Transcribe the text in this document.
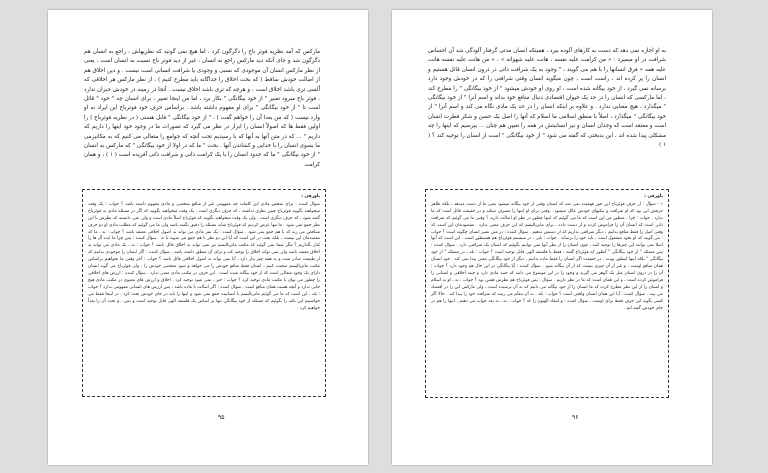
مارکس که آمد نظریه فوئر باخ را دگرگون کرد ، اما هیچ نمی گوئید که نظریهاش ، راجع به انسان هم دگرگون شد و جای آنکه دید مارکس راجع به انسان ، غیر از دید فوئر باخ نسبت به انسان است ، یعنی از نظر مارکس انسان آن موجودی که نسبی و وجودی یا شرافت انسانی است نیست . و دین اخلاق هم از اصالت خودش ساقط ( که بحث اخلاق را جداگانه باید مطرح کنیم ) ، از نظر مارکس هر اخلاقی که اُلسی تری باشد اخلاق است ، و هرچه که تری باشد اخلاق نیست . آنجا در زمینه در خودش جبران ندارد . فوئر باخ مبرود تعبیر " از خود بیگانگی " بکار برد ، اما من اینجا تعبیر ، برای انسان چه " خود " قائل است تا " از خود بیگانگی " برای او مفهوم داشته باشد . براساس حرف خود فوئرباخ این ایراد نه او وارد نیست ( که من بعدا آن را خواهم گفت ) . " از خود بیگانگی " قابل هستی ( در نظریه فوئرباخ ) را اولین فقط ها که اصولاً انسان را ابزار در نظر می گیرد که تصورات ما در وجود خود اینها را داریم که داریم " ... که در متن آنها به آنها که با رسیدیم تحت آنچه که جوامع را متعالی می کنیم که به مکانیزمی ما بسوی انسان را با خدایی و کشاندن آنها . بحث " ما که در اولا از خود بیگانگی " که مارکس به انسان " از خود بیگانگی " ما که حدود انسان را با یک کرامت ذاتی و شرافت ذاتی آفریده است ( ۱ ) ، و همان کرامت
پاورقی :
سؤال کننده : برای شخص مادی این کلمات چه مفهومی غیر از منافع شخصی و مادی مفهوم داشته باشد ؟ جواب : یک وقت میخواهید بگویید فوئرباخ چنین نظری نداشته ، که حرف دیگری است . یک وقت میخواهید بگویید که اگر در مسئله مادی به فوئرباخ گفته شود ، که حرف دیگری است . ولی یک وقت میخواهید بگویید که فوئرباخ اصلاً مادی است و ولی نمی دانسته که نظرش با این نظر جمع نمی شود . ما تنها عرض کردیم که فوئرباخ شاید مسئله را دقیق نگفته باشد ولی ما می گوئیم که مطلب مادی او دو حرف متناقض می زند که با هم جمع نمی شود . سؤال کننده : یک نفر مادی می تواند به اصول اخلاقی معتقد باشد ؟ جواب : نه ، ما که مقصدمان این نیست ، بلکه بحث در این است که آیا این دو نظر با هم جمع می شوند یا نه . سؤال کننده : پس چرا ما ایده آل ها را کنار بگذاریم ؟ مگر شما نمی گوئید که مکتب ماتریالیسم نیز نمی تواند به اخلاق قائل باشد ؟ جواب : نه ، یک مادی می تواند به اخلاق معتقد باشد ولی نمی تواند اخلاق را توجیه کند و برای آن منطق داشته باشد . سؤال کننده : اگر انسان را موجودی بدانیم که از طبیعت صادر شده و به همه چیز نیاز دارد ، آیا نمی تواند به اصول اخلاقی قائل باشد ؟ جواب : آخر وقتی ما بخواهیم براساس مکتب ماتریالیسم صحبت کنیم ، انسان فقط منافع خودش را می خواهد و سود شخصی خودش را ، ولی فوئرباخ می گوید انسان دارای یک وجود متعالی است که از خود بیگانه شده است . این حرف در مکتب مادی معنی ندارد . سؤال کننده : ارزش های اخلاقی را چطور می توان با مکتب مادی توجیه کرد ؟ جواب : خیر ، نمی شود توجیه کرد . اخلاق و ارزش های معنوی در مکتب مادی هیچ جایی ندارد و آنچه هست همان منافع است . سؤال کننده : اگر اصالت با ماده باشد ، پس ارزش های انسانی مفهومی ندارد ؟ جواب : بله ، این است که ما می گوئیم ماتریالیسم با انسانیت جمع نمی شود و اینها را باید در جای خودش بحث کرد . در اینجا فقط می خواستیم این نکته را بگوئیم که مسئله از خود بیگانگی تنها بر اساس یک فلسفه الهی قابل توجیه است و بس ، و بحث آن را بعداً خواهیم کرد .
۹۵
به او اجازه نمی دهد که دست به کارهای آلوده ببرد ، همینکه انسان مدتی گرفتار آلودگی شد آن احساس شرافت در او میمیرد : « من کرامت علیه نفسه ، هانت علیه شهواته » ، « من هانت علیه نفسه هانت علیه همه » فرق انسانها را با هم می گویند ، " وجود به یک شرافت ذاتی در درون انسان قائل هستیم و انسان را پر کرده اند ، راست است ، چون میگوید انسان وقتی شرافتی را که در خودش وجود دارد برسانه نمی گیرد ، از خود بیگانه شده است ، او روی او خودش میشود " از خود بیگانگی " را مطرح کند ، اما مارکسی که انسان را در حد یک حیوان اقتصادی دنبال منافع خود بداند و اسم آنرا " از خود بیگانگی " میگذارد ، هیچ معنایی ندارد . و علاوه بر اینکه انسان را در حد یک مادی نگاه می کند و اسم آنرا " از خود بیگانگی " میگذارد ، اصلاً با منطق اسلامی ما اسلام که آنها را اصل یک حسن و شکر فطرت انسان است و معتقد است که وجدان انسان و نیز انسانیتش در همه را تعیین هم چنان ... بپرسیم که اینها را چه مشکلی پیدا شده اند ، این بدبختی که گفته می شود " از خود بیگانگی " است از انسان را توجیه کند ؟ ( ۱ )
پاورقی :
۱ - سؤال : از حرف فوئرباخ این جور فهمیده نمی شد که انسان وقتی از خود بیگانه میشود یعنی ما از دست میدهد ، بلکه ظاهر حرفش این بود که او شرافت و نیکیهای خودش عائل میشود . وقتی برای او اینها را مصرف میکند و در حقیقت قائل است که ما ندارد . جواب : چرا ، منظور من این است که ما می گوئیم که اینها چطور در نظر او اصالت دارند ؟ وقتی ما می گوئیم که شرافت ذاتی است که انسان آن را فراموش کرده و از دست داده ، برای ماتریالیسم که این حرف معنی ندارد . مقصودمان این است که وقتی اصل را فقط منافع بدانیم ، دیگر شرافتی نداریم که از دستش بدهیم . سؤال کننده : در متن تعبیر انسان چگونه است ؟ جواب : می گویند که او بخود مشغول است ، باید خود را برساند . جواب : بلی ، در سیستم فوئرباخ هم همینطور است . این است که آنها اصلا نمی توانند این چیزها را توجیه کنند ، چون انسان را از نظر آنها نمی توانیم بگوئیم که انسان یک شرافتی دارد . سؤال کننده : پس مسئله " از خود بیگانگی " آنطور که فوئرباخ گفته ، فقط با فلسفه الهی قابل توجیه است ؟ جواب : بله ، در مسئله " از خود بیگانگی " بلکه اینها اینطور بودند . در حقیقت اگر انسان را فقط ماده بدانیم ، دیگر از خود بیگانگی معنی پیدا نمی کند . خود انسان همان منافع اوست ، و غیر از آن چیزی نیست که از آن بیگانه شود . سؤال کننده : آیا بیگانگی در این حال هم وجود دارد ؟ جواب : آن را در درون انسان مثل یک گوهر می گیرند و وجود را در این موضوع می دانند که جنبه مادی دارد و جنبه اخلاقی و انسانی را فراموش کرده است ، و این همان است که ما در نظر داریم . سؤال : پس فوئرباخ هم نظرش همین بود ؟ جواب : نه ، او به اسلام و انسان را از این نظر مطرح کرده که ما انسان را از خود بیگانه می دانیم که به آن نرسیده است ، ولی مارکس این را در اقتصاد می بیند . سؤال کننده : آیا این همان انسان واقعی است ؟ جواب : بله ، به آن مقام می رسد که شرافت خود را پیدا کند . حالا اگر کسی بگوید این حرف فقط برای اوست ، سؤال کننده : و انتقاد الهیون را که ؟ جواب : نه ، به بعد جواب می دهیم ، اینها را هم در جای خودش گفته ایم .
۹۶
